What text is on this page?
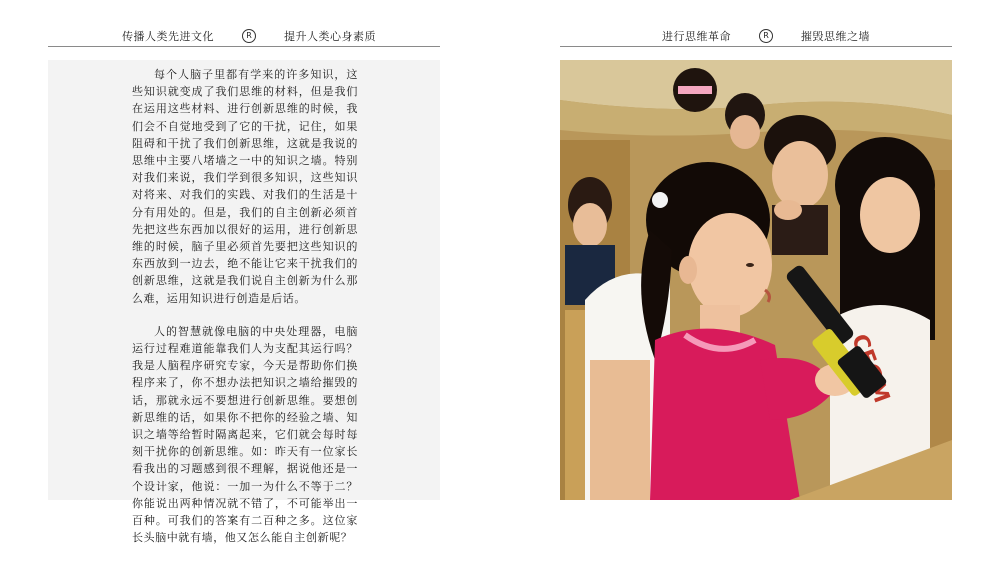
传播人类先进文化	R	提升人类心身素质	进行思维革命	R	摧毁思维之墙

每个人脑子里都有学来的许多知识，这些知识就变成了我们思维的材料，但是我们在运用这些材料、进行创新思维的时候，我们会不自觉地受到了它的干扰，记住，如果阻碍和干扰了我们创新思维，这就是我说的思维中主要八堵墙之一中的知识之墙。特别对我们来说，我们学到很多知识，这些知识对将来、对我们的实践、对我们的生活是十分有用处的。但是，我们的自主创新必须首先把这些东西加以很好的运用，进行创新思维的时候，脑子里必须首先要把这些知识的东西放到一边去，绝不能让它来干扰我们的创新思维，这就是我们说自主创新为什么那么难，运用知识进行创造是后话。

人的智慧就像电脑的中央处理器，电脑运行过程难道能靠我们人为支配其运行吗？我是人脑程序研究专家，今天是帮助你们换程序来了，你不想办法把知识之墙给摧毁的话，那就永远不要想进行创新思维。要想创新思维的话，如果你不把你的经验之墙、知识之墙等给暂时隔离起来，它们就会每时每刻干扰你的创新思维。如：昨天有一位家长看我出的习题感到很不理解，据说他还是一个设计家，他说：一加一为什么不等于二？你能说出两种情况就不错了，不可能举出一百种。可我们的答案有二百种之多。这位家长头脑中就有墙，他又怎么能自主创新呢？
